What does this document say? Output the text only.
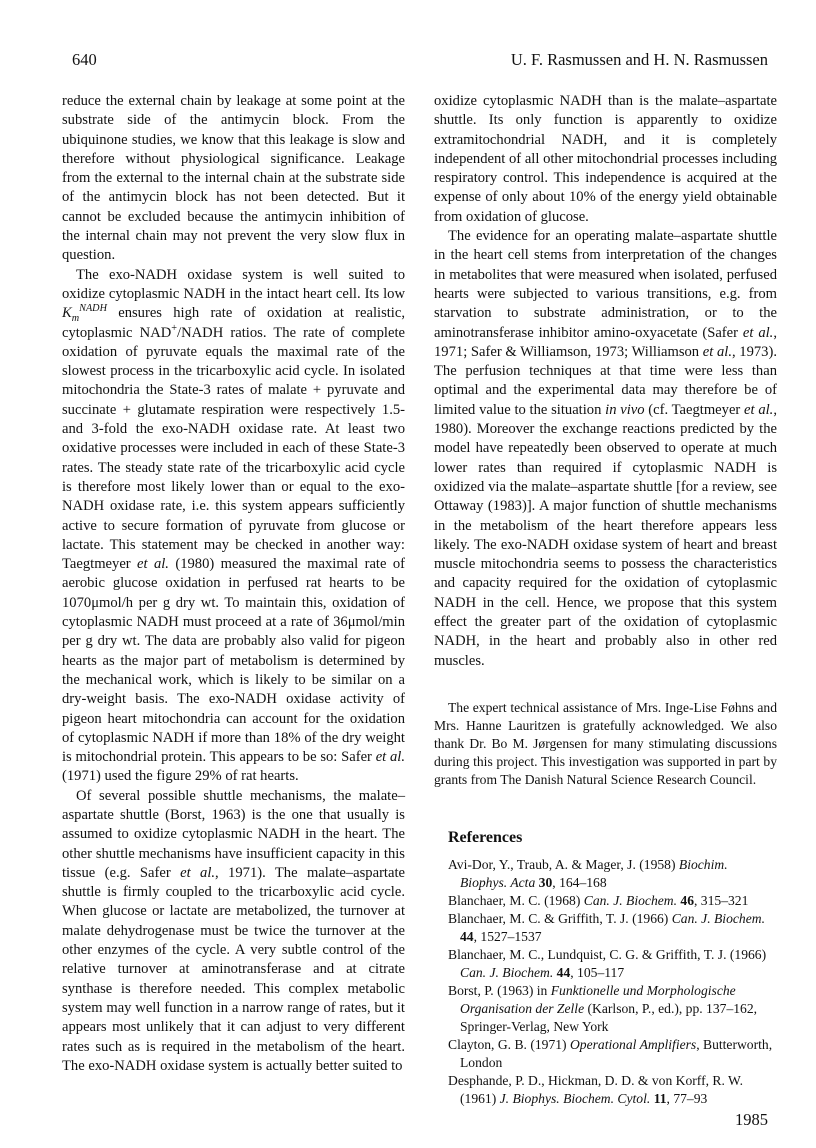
640	U. F. Rasmussen and H. N. Rasmussen

reduce the external chain by leakage at some point at the substrate side of the antimycin block. From the ubiquinone studies, we know that this leakage is slow and therefore without physiological significance. Leakage from the external to the internal chain at the substrate side of the antimycin block has not been detected. But it cannot be excluded because the antimycin inhibition of the internal chain may not prevent the very slow flux in question.

The exo-NADH oxidase system is well suited to oxidize cytoplasmic NADH in the intact heart cell. Its low $K_m^{NADH}$ ensures high rate of oxidation at realistic, cytoplasmic NAD+/NADH ratios. The rate of complete oxidation of pyruvate equals the maximal rate of the slowest process in the tricarboxylic acid cycle. In isolated mitochondria the State-3 rates of malate + pyruvate and succinate + glutamate respiration were respectively 1.5- and 3-fold the exo-NADH oxidase rate. At least two oxidative processes were included in each of these State-3 rates. The steady state rate of the tricarboxylic acid cycle is therefore most likely lower than or equal to the exo-NADH oxidase rate, i.e. this system appears sufficiently active to secure formation of pyruvate from glucose or lactate. This statement may be checked in another way: Taegtmeyer et al. (1980) measured the maximal rate of aerobic glucose oxidation in perfused rat hearts to be 1070μmol/h per g dry wt. To maintain this, oxidation of cytoplasmic NADH must proceed at a rate of 36μmol/min per g dry wt. The data are probably also valid for pigeon hearts as the major part of metabolism is determined by the mechanical work, which is likely to be similar on a dry-weight basis. The exo-NADH oxidase activity of pigeon heart mitochondria can account for the oxidation of cytoplasmic NADH if more than 18% of the dry weight is mitochondrial protein. This appears to be so: Safer et al. (1971) used the figure 29% of rat hearts.

Of several possible shuttle mechanisms, the malate–aspartate shuttle (Borst, 1963) is the one that usually is assumed to oxidize cytoplasmic NADH in the heart. The other shuttle mechanisms have insufficient capacity in this tissue (e.g. Safer et al., 1971). The malate–aspartate shuttle is firmly coupled to the tricarboxylic acid cycle. When glucose or lactate are metabolized, the turnover at malate dehydrogenase must be twice the turnover at the other enzymes of the cycle. A very subtle control of the relative turnover at aminotransferase and at citrate synthase is therefore needed. This complex metabolic system may well function in a narrow range of rates, but it appears most unlikely that it can adjust to very different rates such as is required in the metabolism of the heart. The exo-NADH oxidase system is actually better suited to

oxidize cytoplasmic NADH than is the malate–aspartate shuttle. Its only function is apparently to oxidize extramitochondrial NADH, and it is completely independent of all other mitochondrial processes including respiratory control. This independence is acquired at the expense of only about 10% of the energy yield obtainable from oxidation of glucose.

The evidence for an operating malate–aspartate shuttle in the heart cell stems from interpretation of the changes in metabolites that were measured when isolated, perfused hearts were subjected to various transitions, e.g. from starvation to substrate administration, or to the aminotransferase inhibitor amino-oxyacetate (Safer et al., 1971; Safer & Williamson, 1973; Williamson et al., 1973). The perfusion techniques at that time were less than optimal and the experimental data may therefore be of limited value to the situation in vivo (cf. Taegtmeyer et al., 1980). Moreover the exchange reactions predicted by the model have repeatedly been observed to operate at much lower rates than required if cytoplasmic NADH is oxidized via the malate–aspartate shuttle [for a review, see Ottaway (1983)]. A major function of shuttle mechanisms in the metabolism of the heart therefore appears less likely. The exo-NADH oxidase system of heart and breast muscle mitochondria seems to possess the characteristics and capacity required for the oxidation of cytoplasmic NADH in the cell. Hence, we propose that this system effect the greater part of the oxidation of cytoplasmic NADH, in the heart and probably also in other red muscles.

The expert technical assistance of Mrs. Inge-Lise Føhns and Mrs. Hanne Lauritzen is gratefully acknowledged. We also thank Dr. Bo M. Jørgensen for many stimulating discussions during this project. This investigation was supported in part by grants from The Danish Natural Science Research Council.

References
Avi-Dor, Y., Traub, A. & Mager, J. (1958) Biochim. Biophys. Acta 30, 164–168
Blanchaer, M. C. (1968) Can. J. Biochem. 46, 315–321
Blanchaer, M. C. & Griffith, T. J. (1966) Can. J. Biochem. 44, 1527–1537
Blanchaer, M. C., Lundquist, C. G. & Griffith, T. J. (1966) Can. J. Biochem. 44, 105–117
Borst, P. (1963) in Funktionelle und Morphologische Organisation der Zelle (Karlson, P., ed.), pp. 137–162, Springer-Verlag, New York
Clayton, G. B. (1971) Operational Amplifiers, Butterworth, London
Desphande, P. D., Hickman, D. D. & von Korff, R. W. (1961) J. Biophys. Biochem. Cytol. 11, 77–93
1985
